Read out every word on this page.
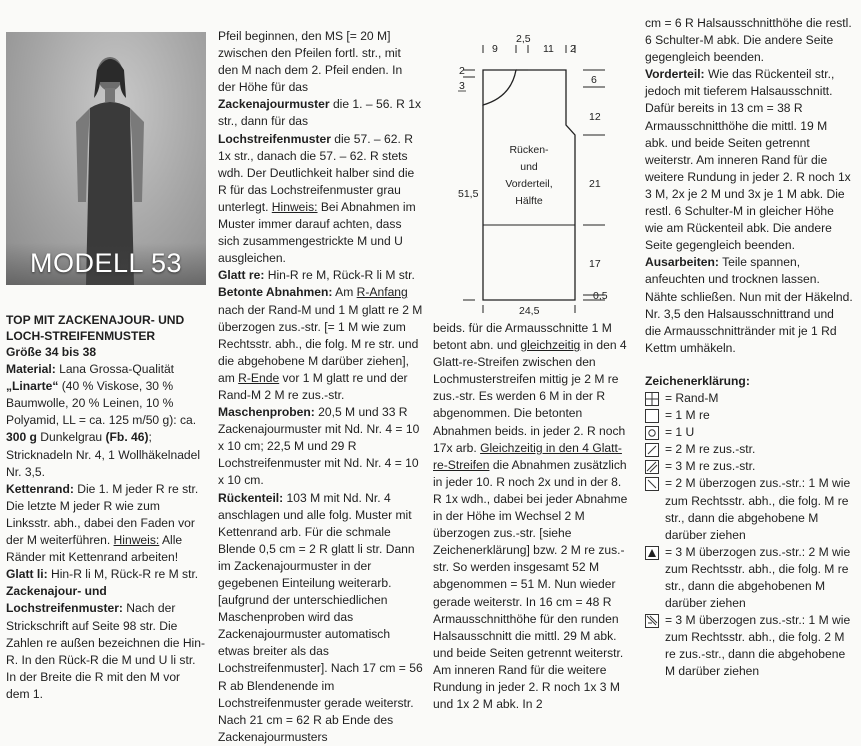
MODELL 53
TOP MIT ZACKENAJOUR- UND LOCH-STREIFENMUSTER
Größe 34 bis 38

Material: Lana Grossa-Qualität „Linarte“ (40 % Viskose, 30 % Baumwolle, 20 % Leinen, 10 % Polyamid, LL = ca. 125 m/50 g): ca. 300 g Dunkelgrau (Fb. 46); Stricknadeln Nr. 4, 1 Wollhäkelnadel Nr. 3,5.

Kettenrand: Die 1. M jeder R re str. Die letzte M jeder R wie zum Linksstr. abh., dabei den Faden vor der M weiterführen. Hinweis: Alle Ränder mit Kettenrand arbeiten!

Glatt li: Hin-R li M, Rück-R re M str.

Zackenajour- und Lochstreifenmuster: Nach der Strickschrift auf Seite 98 str. Die Zahlen re außen bezeichnen die Hin-R. In den Rück-R die M und U li str. In der Breite die R mit den M vor dem 1.

Pfeil beginnen, den MS [= 20 M] zwischen den Pfeilen fortl. str., mit den M nach dem 2. Pfeil enden. In der Höhe für das Zackenajourmuster die 1. – 56. R 1x str., dann für das Lochstreifenmuster die 57. – 62. R 1x str., danach die 57. – 62. R stets wdh. Der Deutlichkeit halber sind die R für das Lochstreifenmuster grau unterlegt. Hinweis: Bei Abnahmen im Muster immer darauf achten, dass sich zusammengestrickte M und U ausgleichen.

Glatt re: Hin-R re M, Rück-R li M str.

Betonte Abnahmen: Am R-Anfang nach der Rand-M und 1 M glatt re 2 M überzogen zus.-str. [= 1 M wie zum Rechtsstr. abh., die folg. M re str. und die abgehobene M darüber ziehen], am R-Ende vor 1 M glatt re und der Rand-M 2 M re zus.-str.

Maschenproben: 20,5 M und 33 R Zackenajourmuster mit Nd. Nr. 4 = 10 x 10 cm; 22,5 M und 29 R Lochstreifenmuster mit Nd. Nr. 4 = 10 x 10 cm.

Rückenteil: 103 M mit Nd. Nr. 4 anschlagen und alle folg. Muster mit Kettenrand arb. Für die schmale Blende 0,5 cm = 2 R glatt li str. Dann im Zackenajourmuster in der gegebenen Einteilung weiterarb. [aufgrund der unterschiedlichen Maschenproben wird das Zackenajourmuster automatisch etwas breiter als das Lochstreifenmuster]. Nach 17 cm = 56 R ab Blendenende im Lochstreifenmuster gerade weiterstr. Nach 21 cm = 62 R ab Ende des Zackenajourmusters

9
2,5
11 2
2
3
51,5
6
12
21
17
0,5
24,5
Rücken-
und
Vorderteil,
Hälfte

beids. für die Armausschnitte 1 M betont abn. und gleichzeitig in den 4 Glatt-re-Streifen zwischen den Lochmusterstreifen mittig je 2 M re zus.-str. Es werden 6 M in der R abgenommen. Die betonten Abnahmen beids. in jeder 2. R noch 17x arb. Gleichzeitig in den 4 Glatt-re-Streifen die Abnahmen zusätzlich in jeder 10. R noch 2x und in der 8. R 1x wdh., dabei bei jeder Abnahme in der Höhe im Wechsel 2 M überzogen zus.-str. [siehe Zeichenerklärung] bzw. 2 M re zus.-str. So werden insgesamt 52 M abgenommen = 51 M. Nun wieder gerade weiterstr. In 16 cm = 48 R Armausschnitthöhe für den runden Halsausschnitt die mittl. 29 M abk. und beide Seiten getrennt weiterstr. Am inneren Rand für die weitere Rundung in jeder 2. R noch 1x 3 M und 1x 2 M abk. In 2

cm = 6 R Halsausschnitthöhe die restl. 6 Schulter-M abk. Die andere Seite gegengleich beenden.

Vorderteil: Wie das Rückenteil str., jedoch mit tieferem Halsausschnitt. Dafür bereits in 13 cm = 38 R Armausschnitthöhe die mittl. 19 M abk. und beide Seiten getrennt weiterstr. Am inneren Rand für die weitere Rundung in jeder 2. R noch 1x 3 M, 2x je 2 M und 3x je 1 M abk. Die restl. 6 Schulter-M in gleicher Höhe wie am Rückenteil abk. Die andere Seite gegengleich beenden.

Ausarbeiten: Teile spannen, anfeuchten und trocknen lassen. Nähte schließen. Nun mit der Häkelnd. Nr. 3,5 den Halsausschnittrand und die Armausschnittränder mit je 1 Rd Kettm umhäkeln.

Zeichenerklärung:
= Rand-M
= 1 M re
= 1 U
= 2 M re zus.-str.
= 3 M re zus.-str.
= 2 M überzogen zus.-str.: 1 M wie zum Rechtsstr. abh., die folg. M re str., dann die abgehobene M darüber ziehen
= 3 M überzogen zus.-str.: 2 M wie zum Rechtsstr. abh., die folg. M re str., dann die abgehobenen M darüber ziehen
= 3 M überzogen zus.-str.: 1 M wie zum Rechtsstr. abh., die folg. 2 M re zus.-str., dann die abgehobene M darüber ziehen
